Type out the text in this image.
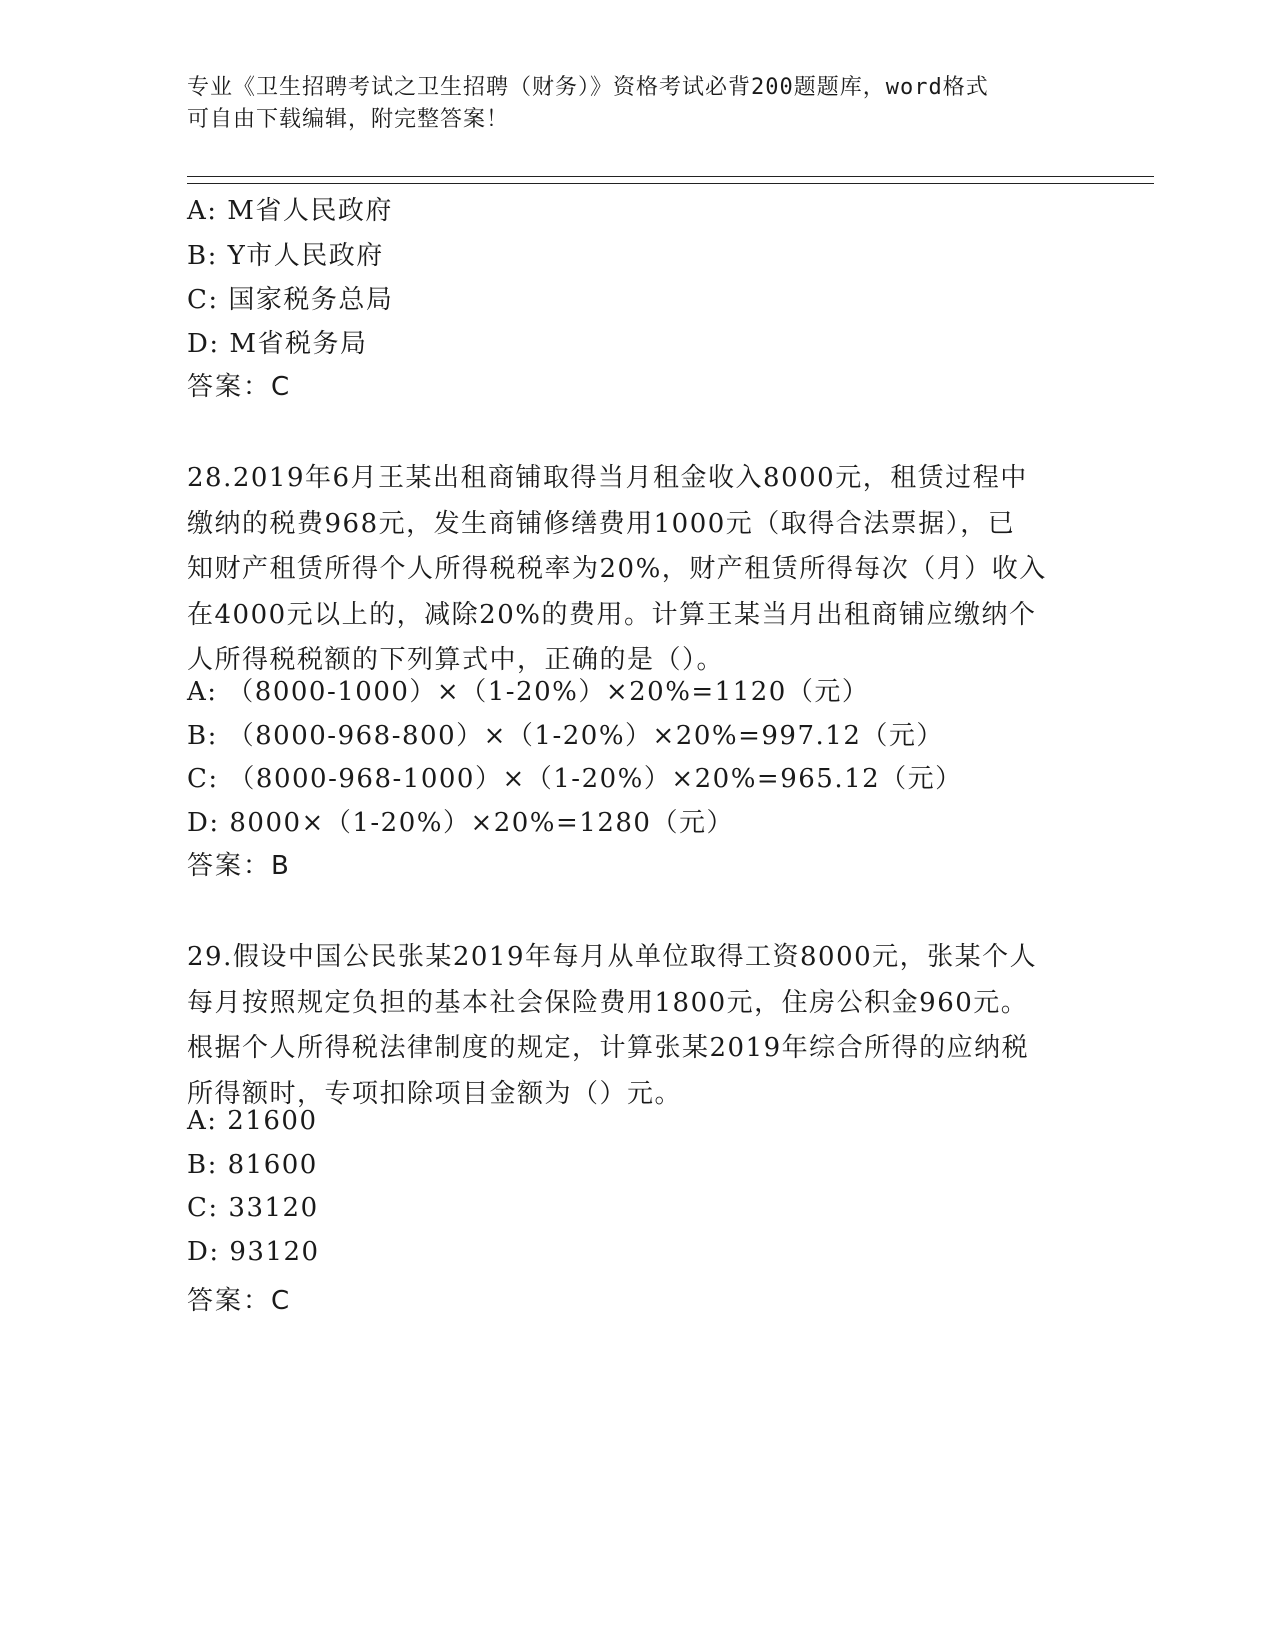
专业《卫生招聘考试之卫生招聘（财务）》资格考试必背200题题库，word格式
可自由下载编辑，附完整答案！
A: M省人民政府
B: Y市人民政府
C: 国家税务总局
D: M省税务局
答案：C
28.2019年6月王某出租商铺取得当月租金收入8000元，租赁过程中
缴纳的税费968元，发生商铺修缮费用1000元（取得合法票据），已
知财产租赁所得个人所得税税率为20%，财产租赁所得每次（月）收入
在4000元以上的，减除20%的费用。计算王某当月出租商铺应缴纳个
人所得税税额的下列算式中，正确的是（）。
A: （8000-1000）×（1-20%）×20%=1120（元）
B: （8000-968-800）×（1-20%）×20%=997.12（元）
C: （8000-968-1000）×（1-20%）×20%=965.12（元）
D: 8000×（1-20%）×20%=1280（元）
答案：B
29.假设中国公民张某2019年每月从单位取得工资8000元，张某个人
每月按照规定负担的基本社会保险费用1800元，住房公积金960元。
根据个人所得税法律制度的规定，计算张某2019年综合所得的应纳税
所得额时，专项扣除项目金额为（）元。
A: 21600
B: 81600
C: 33120
D: 93120
答案：C
